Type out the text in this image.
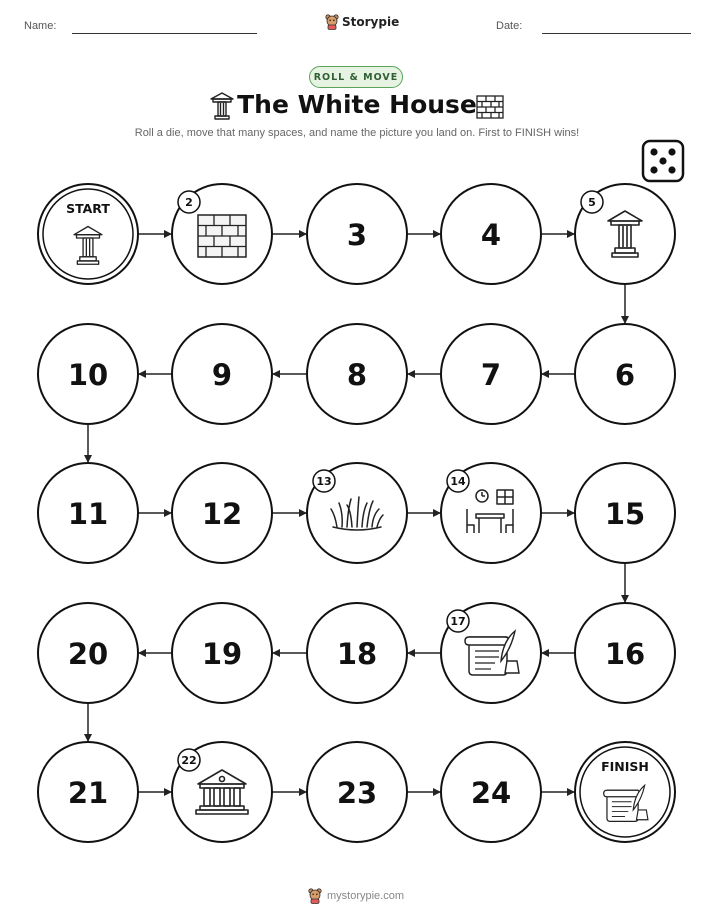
Name:	Storypie	Date:
ROLL & MOVE
The White House
Roll a die, move that many spaces, and name the picture you land on. First to FINISH wins!
START	2
3	4
5
6
7
8
9
10
11	12
13	14
15
16
17
18
19
20
21
22
23	24
FINISH
mystorypie.com
